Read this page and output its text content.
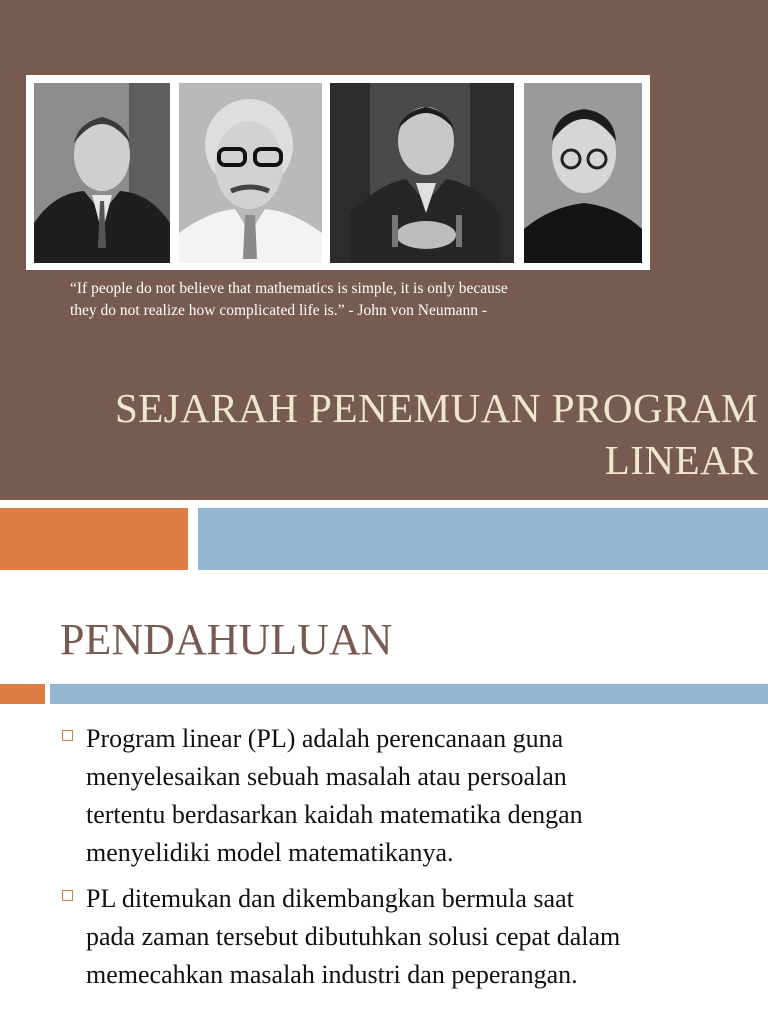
“If people do not believe that mathematics is simple, it is only because
they do not realize how complicated life is.” - John von Neumann -
SEJARAH PENEMUAN PROGRAM
LINEAR
PENDAHULUAN
Program linear (PL) adalah perencanaan guna
menyelesaikan sebuah masalah atau persoalan
tertentu berdasarkan kaidah matematika dengan
menyelidiki model matematikanya.
PL ditemukan dan dikembangkan bermula saat
pada zaman tersebut dibutuhkan solusi cepat dalam
memecahkan masalah industri dan peperangan.
